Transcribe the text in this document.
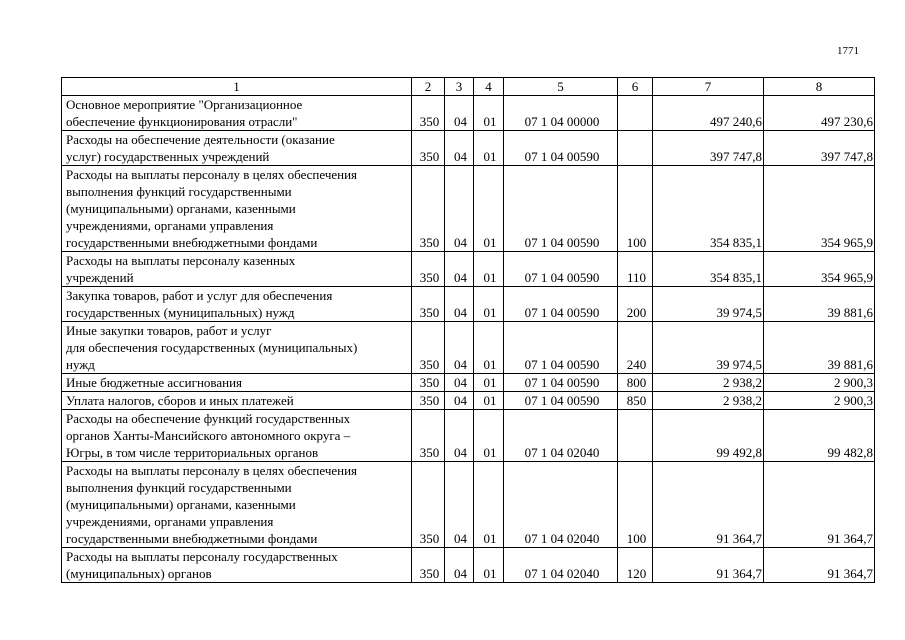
1771
1	2	3	4	5	6	7	8
Основное мероприятие "Организационное
обеспечение функционирования отрасли"	350	04	01	07 1 04 00000		497 240,6	497 230,6
Расходы на обеспечение деятельности (оказание
услуг) государственных учреждений	350	04	01	07 1 04 00590		397 747,8	397 747,8
Расходы на выплаты персоналу в целях обеспечения
выполнения функций государственными
(муниципальными) органами, казенными
учреждениями, органами управления
государственными внебюджетными фондами	350	04	01	07 1 04 00590	100	354 835,1	354 965,9
Расходы на выплаты персоналу казенных
учреждений	350	04	01	07 1 04 00590	110	354 835,1	354 965,9
Закупка товаров, работ и услуг для обеспечения
государственных (муниципальных) нужд	350	04	01	07 1 04 00590	200	39 974,5	39 881,6
Иные закупки товаров, работ и услуг
для обеспечения государственных (муниципальных)
нужд	350	04	01	07 1 04 00590	240	39 974,5	39 881,6
Иные бюджетные ассигнования	350	04	01	07 1 04 00590	800	2 938,2	2 900,3
Уплата налогов, сборов и иных платежей	350	04	01	07 1 04 00590	850	2 938,2	2 900,3
Расходы на обеспечение функций государственных
органов Ханты-Мансийского автономного округа –
Югры, в том числе территориальных органов	350	04	01	07 1 04 02040		99 492,8	99 482,8
Расходы на выплаты персоналу в целях обеспечения
выполнения функций государственными
(муниципальными) органами, казенными
учреждениями, органами управления
государственными внебюджетными фондами	350	04	01	07 1 04 02040	100	91 364,7	91 364,7
Расходы на выплаты персоналу государственных
(муниципальных) органов	350	04	01	07 1 04 02040	120	91 364,7	91 364,7
